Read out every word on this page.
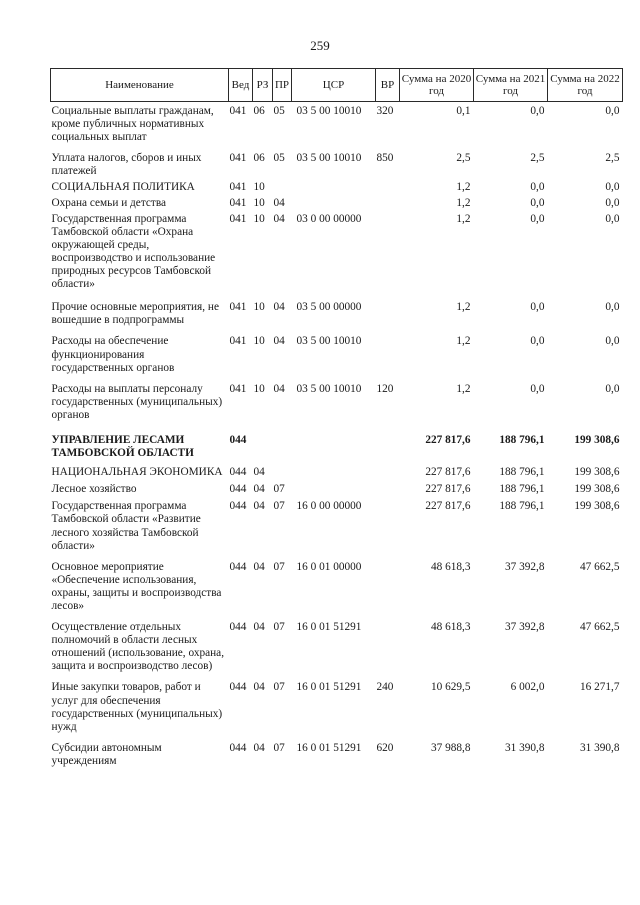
259
Наименование	Вед	РЗ	ПР	ЦСР	ВР	Сумма на 2020 год	Сумма на 2021 год	Сумма на 2022 год
Социальные выплаты гражданам, кроме публичных нормативных социальных выплат	041	06	05	03 5 00 10010	320	0,1	0,0	0,0
Уплата налогов, сборов и иных платежей	041	06	05	03 5 00 10010	850	2,5	2,5	2,5
СОЦИАЛЬНАЯ ПОЛИТИКА	041	10				1,2	0,0	0,0
Охрана семьи и детства	041	10	04			1,2	0,0	0,0
Государственная программа Тамбовской области «Охрана окружающей среды, воспроизводство и использование природных ресурсов Тамбовской области»	041	10	04	03 0 00 00000		1,2	0,0	0,0
Прочие основные мероприятия, не вошедшие в подпрограммы	041	10	04	03 5 00 00000		1,2	0,0	0,0
Расходы на обеспечение функционирования государственных органов	041	10	04	03 5 00 10010		1,2	0,0	0,0
Расходы на выплаты персоналу государственных (муниципальных) органов	041	10	04	03 5 00 10010	120	1,2	0,0	0,0
УПРАВЛЕНИЕ ЛЕСАМИ ТАМБОВСКОЙ ОБЛАСТИ	044					227 817,6	188 796,1	199 308,6
НАЦИОНАЛЬНАЯ ЭКОНОМИКА	044	04				227 817,6	188 796,1	199 308,6
Лесное хозяйство	044	04	07			227 817,6	188 796,1	199 308,6
Государственная программа Тамбовской области «Развитие лесного хозяйства Тамбовской области»	044	04	07	16 0 00 00000		227 817,6	188 796,1	199 308,6
Основное мероприятие «Обеспечение использования, охраны, защиты и воспроизводства лесов»	044	04	07	16 0 01 00000		48 618,3	37 392,8	47 662,5
Осуществление отдельных полномочий в области лесных отношений (использование, охрана, защита и воспроизводство лесов)	044	04	07	16 0 01 51291		48 618,3	37 392,8	47 662,5
Иные закупки товаров, работ и услуг для обеспечения государственных (муниципальных) нужд	044	04	07	16 0 01 51291	240	10 629,5	6 002,0	16 271,7
Субсидии автономным учреждениям	044	04	07	16 0 01 51291	620	37 988,8	31 390,8	31 390,8
